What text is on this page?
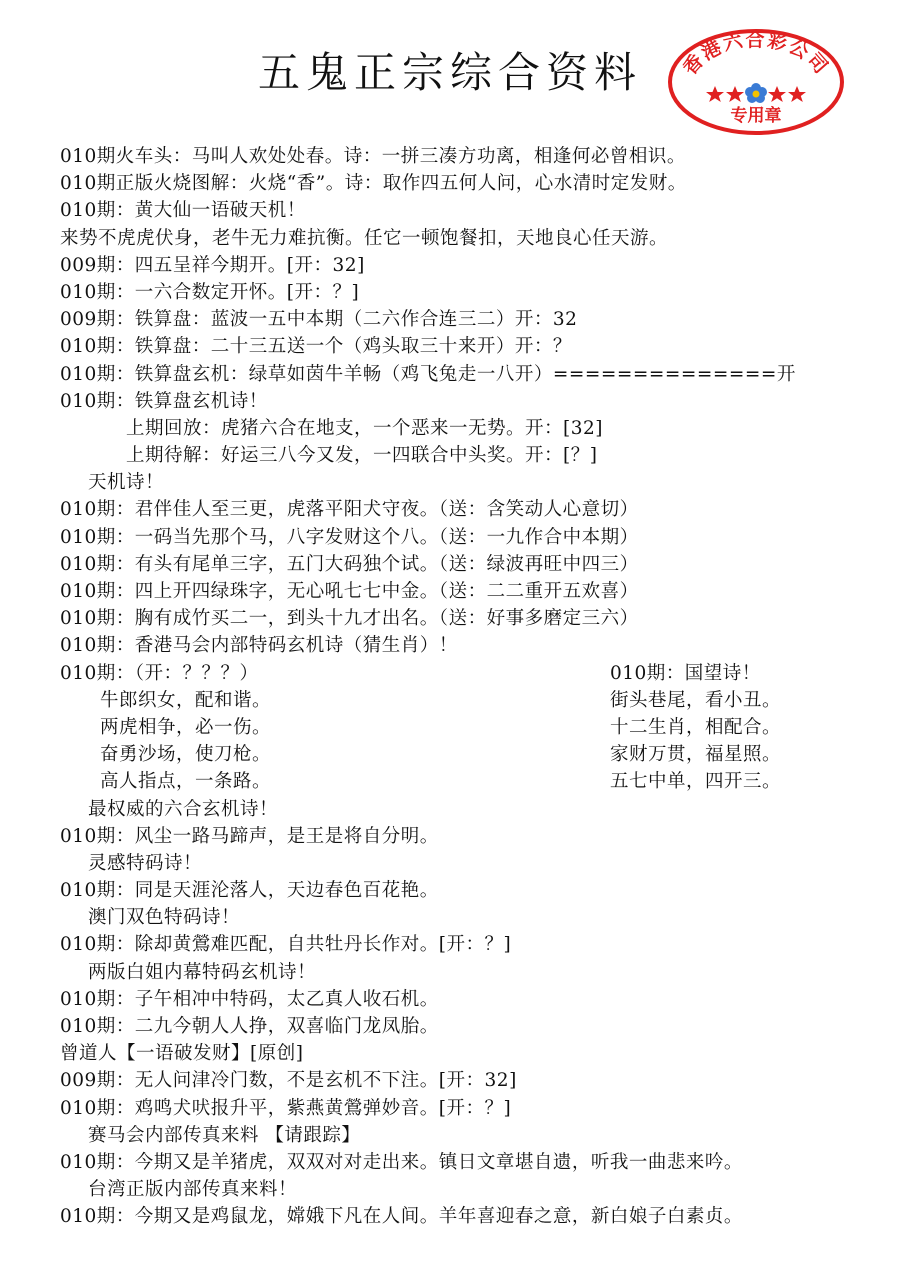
五鬼正宗综合资料	香港六合彩公司
专用章
010期火车头：马叫人欢处处春。诗：一拼三凑方功离，相逢何必曾相识。
010期正版火烧图解：火烧“香”。诗：取作四五何人问，心水清时定发财。
010期：黄大仙一语破天机！
来势不虎虎伏身，老牛无力难抗衡。任它一顿饱餐扣，天地良心任天游。
009期：四五呈祥今期开。[开：32]
010期：一六合数定开怀。[开：？]
009期：铁算盘：蓝波一五中本期（二六作合连三二）开：32
010期：铁算盘：二十三五送一个（鸡头取三十来开）开：？
010期：铁算盘玄机：绿草如茵牛羊畅（鸡飞兔走一八开）==============开
010期：铁算盘玄机诗！
上期回放：虎猪六合在地支，一个恶来一无势。开：[32]
上期待解：好运三八今又发，一四联合中头奖。开：[？]
天机诗！
010期：君伴佳人至三更，虎落平阳犬守夜。（送：含笑动人心意切）
010期：一码当先那个马，八字发财这个八。（送：一九作合中本期）
010期：有头有尾单三字，五门大码独个试。（送：绿波再旺中四三）
010期：四上开四绿珠字，无心吼七七中金。（送：二二重开五欢喜）
010期：胸有成竹买二一，到头十九才出名。（送：好事多磨定三六）
010期：香港马会内部特码玄机诗（猜生肖）！
010期：（开：？？？）
牛郎织女，配和谐。
两虎相争，必一伤。
奋勇沙场，使刀枪。
高人指点，一条路。
010期：国望诗！
街头巷尾，看小丑。
十二生肖，相配合。
家财万贯，福星照。
五七中单，四开三。
最权威的六合玄机诗！
010期：风尘一路马蹄声，是王是将自分明。
灵感特码诗！
010期：同是天涯沦落人，天边春色百花艳。
澳门双色特码诗！
010期：除却黄鶯难匹配，自共牡丹长作对。[开：？]
两版白姐内幕特码玄机诗！
010期：子午相冲中特码，太乙真人收石机。
010期：二九今朝人人挣，双喜临门龙凤胎。
曾道人【一语破发财】[原创]
009期：无人问津冷门数，不是玄机不下注。[开：32]
010期：鸡鸣犬吠报升平，紫燕黄鶯弹妙音。[开：？]
赛马会内部传真来料 【请跟踪】
010期：今期又是羊猪虎，双双对对走出来。镇日文章堪自遗，听我一曲悲来吟。
台湾正版内部传真来料！
010期：今期又是鸡鼠龙，嫦娥下凡在人间。羊年喜迎春之意，新白娘子白素贞。
